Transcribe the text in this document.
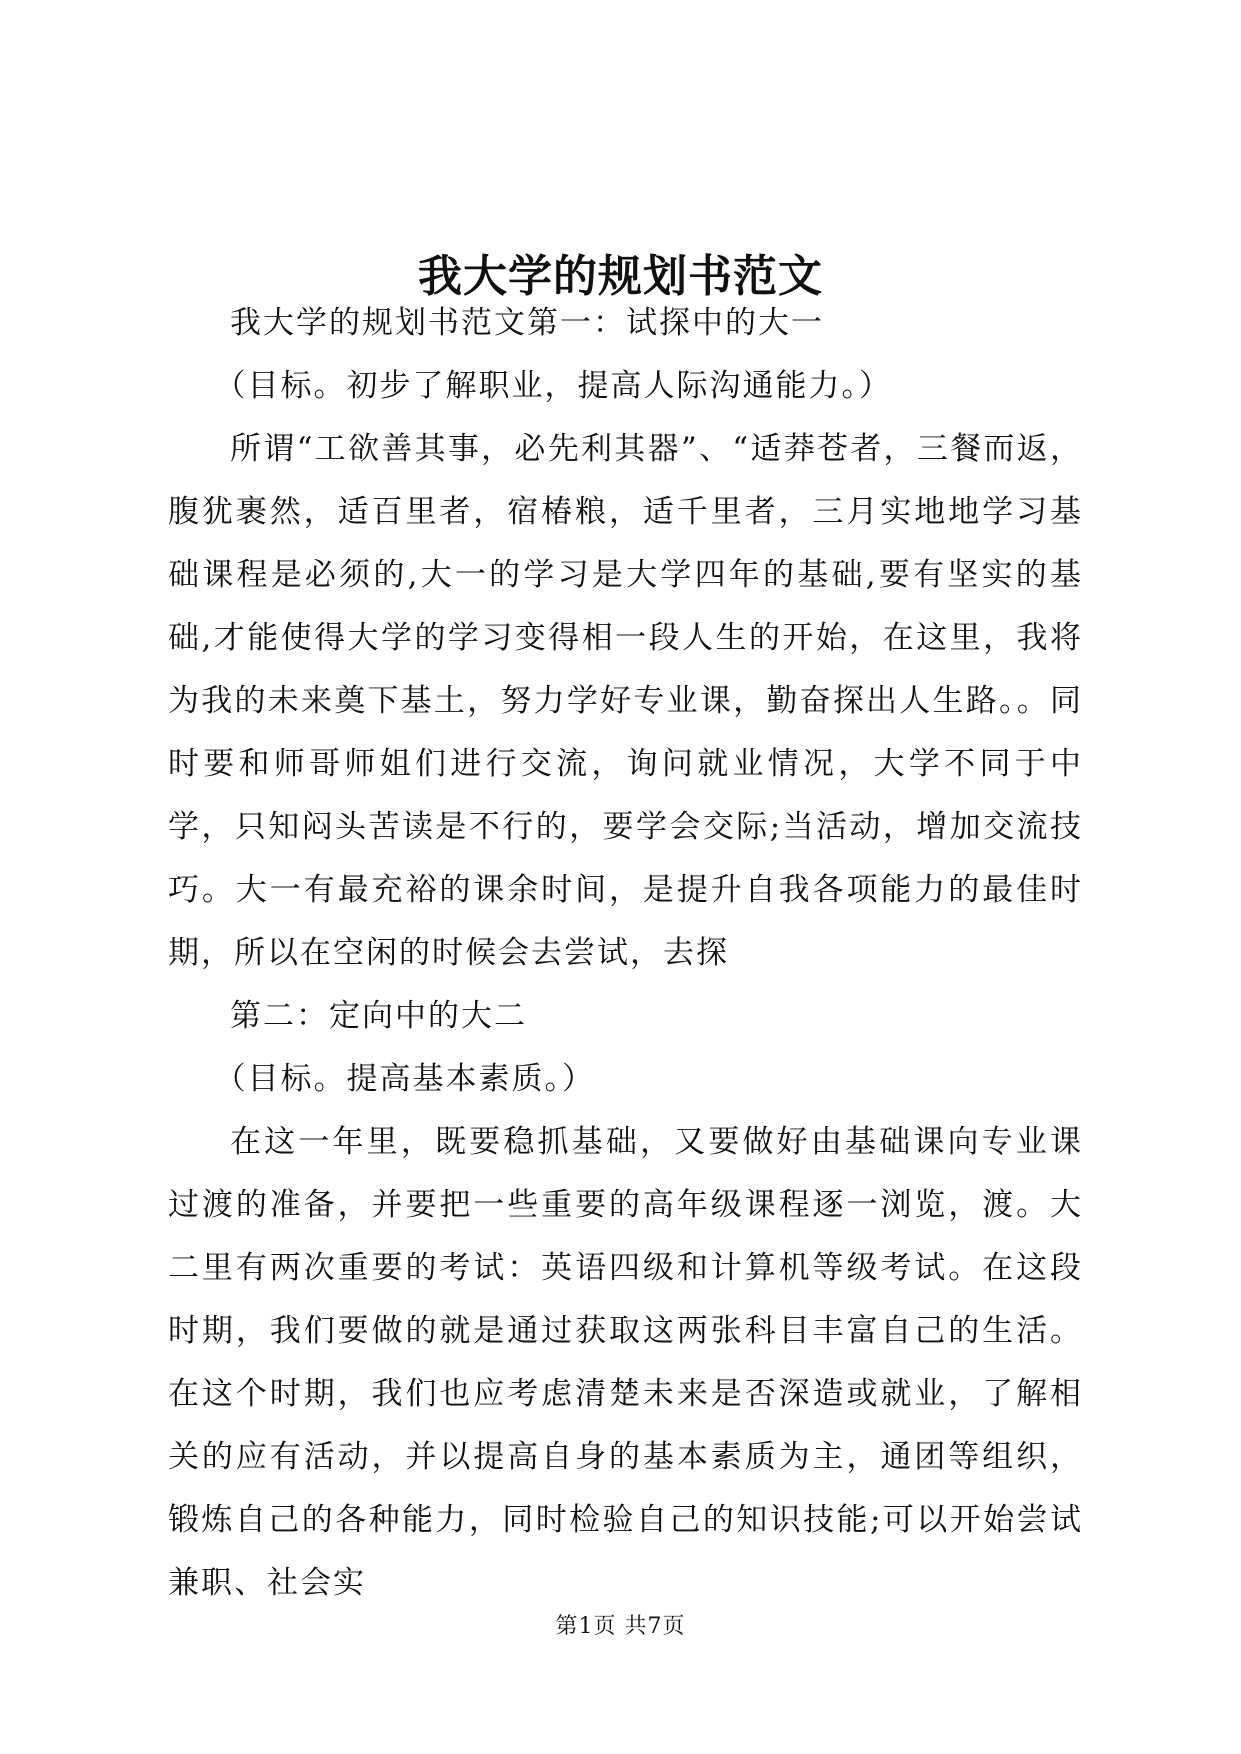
我大学的规划书范文

我大学的规划书范文第一：试探中的大一

（目标。初步了解职业，提高人际沟通能力。）

所谓“工欲善其事，必先利其器”、“适莽苍者，三餐而返，腹犹裹然，适百里者，宿椿粮，适千里者，三月实地地学习基础课程是必须的,大一的学习是大学四年的基础,要有坚实的基础,才能使得大学的学习变得相一段人生的开始，在这里，我将为我的未来奠下基土，努力学好专业课，勤奋探出人生路。。同时要和师哥师姐们进行交流，询问就业情况，大学不同于中学，只知闷头苦读是不行的，要学会交际;当活动，增加交流技巧。大一有最充裕的课余时间，是提升自我各项能力的最佳时期，所以在空闲的时候会去尝试，去探

第二：定向中的大二

（目标。提高基本素质。）

在这一年里，既要稳抓基础，又要做好由基础课向专业课过渡的准备，并要把一些重要的高年级课程逐一浏览，渡。大二里有两次重要的考试：英语四级和计算机等级考试。在这段时期，我们要做的就是通过获取这两张科目丰富自己的生活。在这个时期，我们也应考虑清楚未来是否深造或就业，了解相关的应有活动，并以提高自身的基本素质为主，通团等组织，锻炼自己的各种能力，同时检验自己的知识技能;可以开始尝试兼职、社会实

第1页 共7页
